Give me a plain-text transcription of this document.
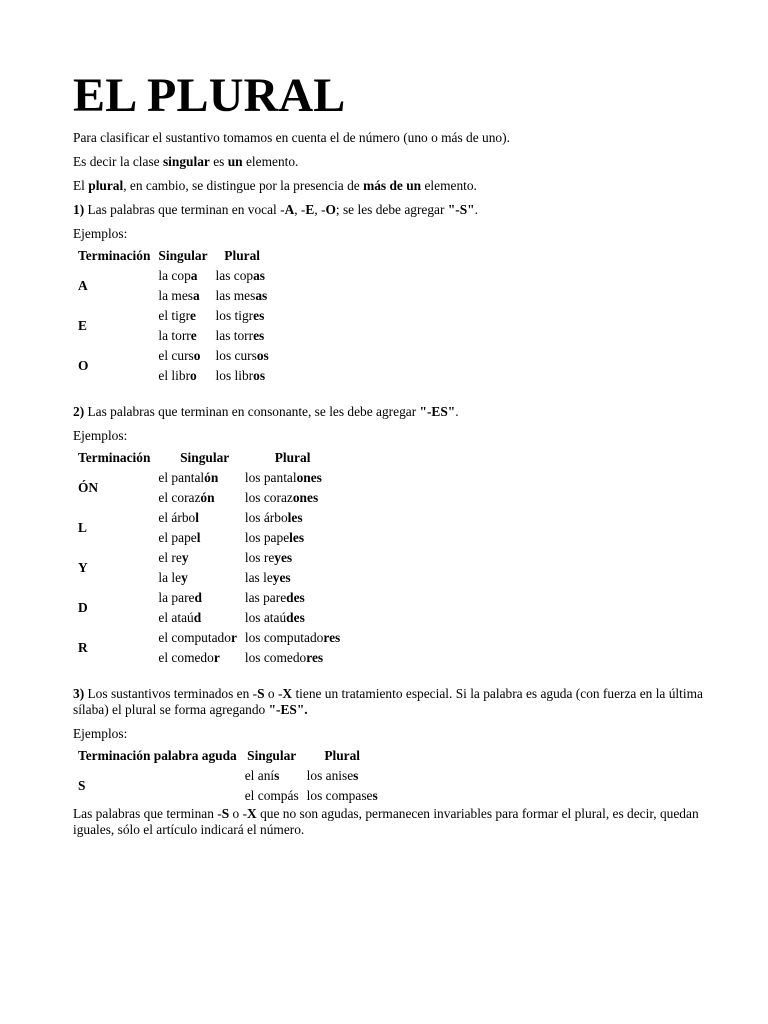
EL PLURAL

Para clasificar el sustantivo tomamos en cuenta el de número (uno o más de uno).

Es decir la clase singular es un elemento.

El plural, en cambio, se distingue por la presencia de más de un elemento.

1) Las palabras que terminan en vocal -A, -E, -O; se les debe agregar "-S".

Ejemplos:

Terminación	Singular	Plural
A	la copa	las copas
	la mesa	las mesas
E	el tigre	los tigres
	la torre	las torres
O	el curso	los cursos
	el libro	los libros

2) Las palabras que terminan en consonante, se les debe agregar "-ES".

Ejemplos:

Terminación	Singular	Plural
ÓN	el pantalón	los pantalones
	el corazón	los corazones
L	el árbol	los árboles
	el papel	los papeles
Y	el rey	los reyes
	la ley	las leyes
D	la pared	las paredes
	el ataúd	los ataúdes
R	el computador	los computadores
	el comedor	los comedores

3) Los sustantivos terminados en -S o -X tiene un tratamiento especial. Si la palabra es aguda (con fuerza en la última sílaba) el plural se forma agregando "-ES".

Ejemplos:

Terminación palabra aguda	Singular	Plural
S	el anís	los anises
	el compás	los compases

Las palabras que terminan -S o -X que no son agudas, permanecen invariables para formar el plural, es decir, quedan iguales, sólo el artículo indicará el número.
